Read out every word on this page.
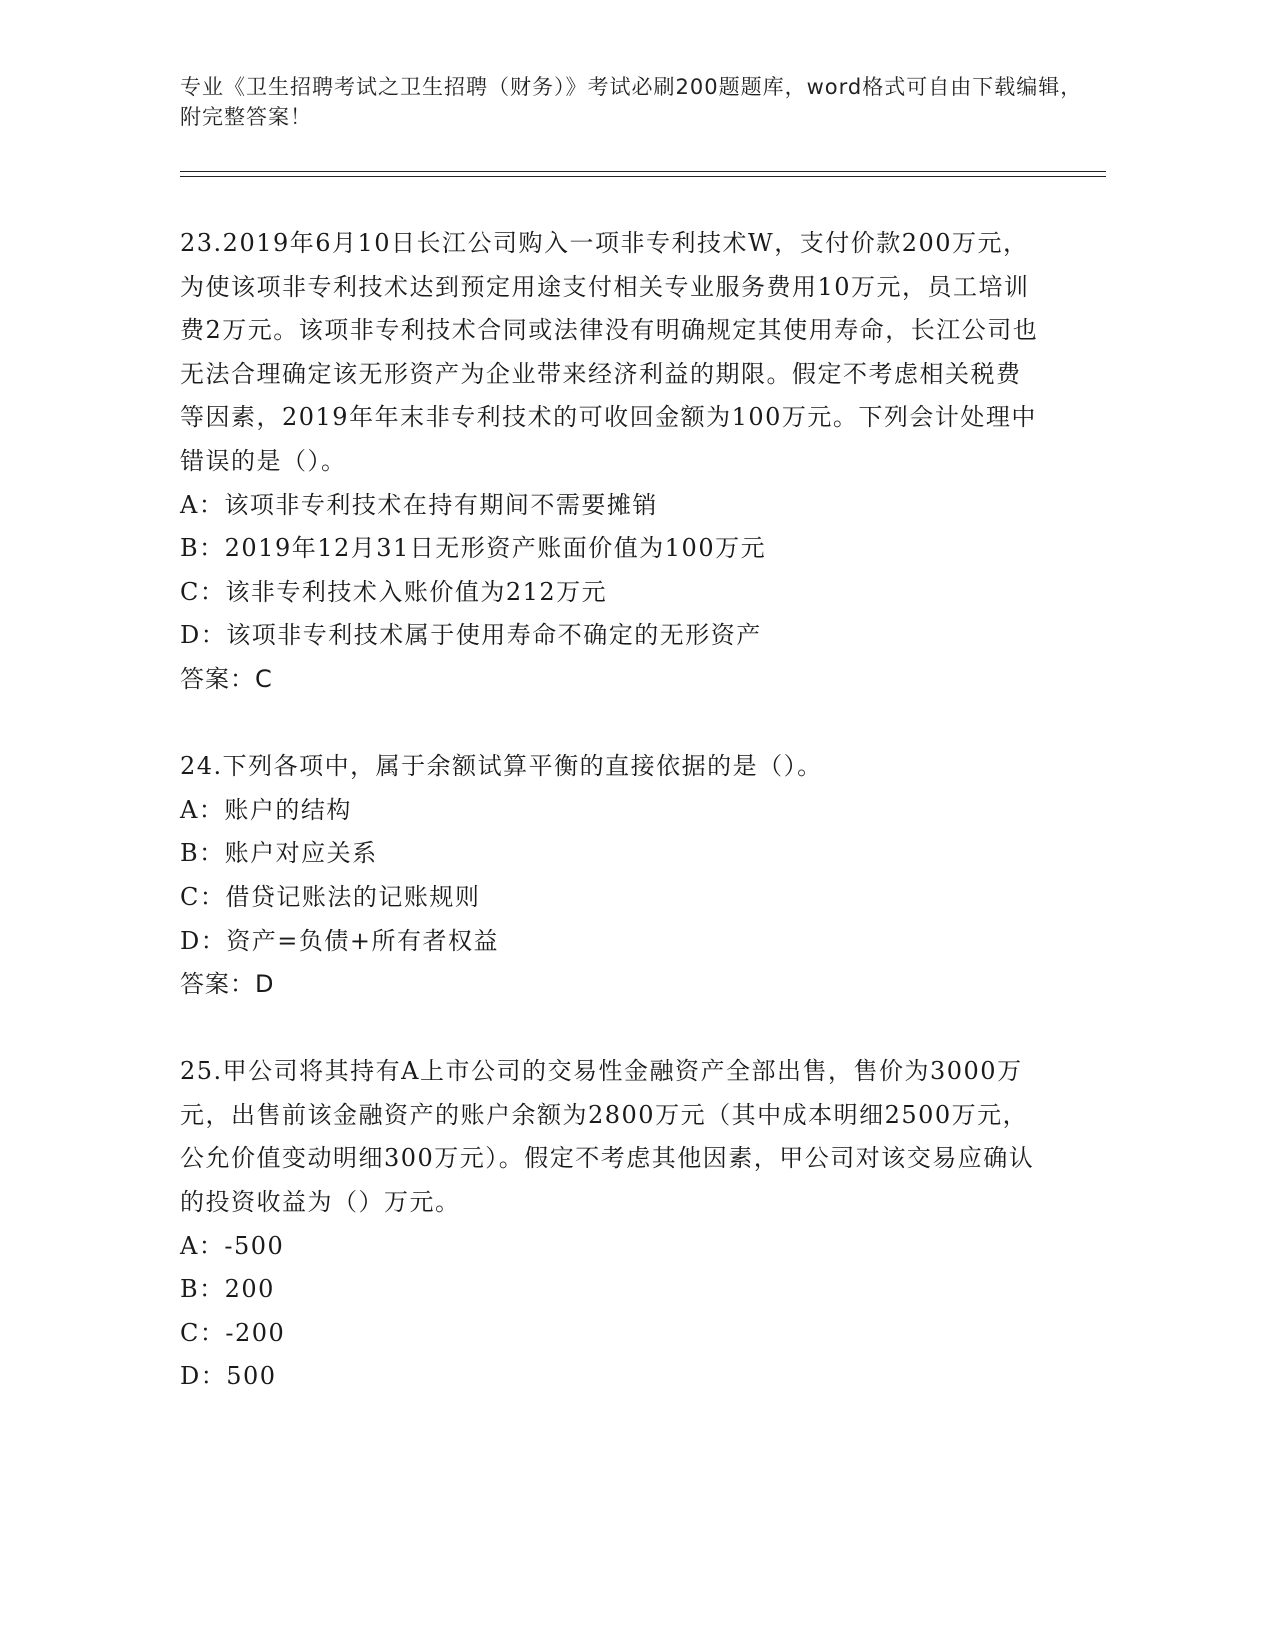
专业《卫生招聘考试之卫生招聘（财务）》考试必刷200题题库，word格式可自由下载编辑，附完整答案！

23.2019年6月10日长江公司购入一项非专利技术W，支付价款200万元，为使该项非专利技术达到预定用途支付相关专业服务费用10万元，员工培训费2万元。该项非专利技术合同或法律没有明确规定其使用寿命，长江公司也无法合理确定该无形资产为企业带来经济利益的期限。假定不考虑相关税费等因素，2019年年末非专利技术的可收回金额为100万元。下列会计处理中错误的是（）。

A：该项非专利技术在持有期间不需要摊销

B：2019年12月31日无形资产账面价值为100万元

C：该非专利技术入账价值为212万元

D：该项非专利技术属于使用寿命不确定的无形资产

答案：C

24.下列各项中，属于余额试算平衡的直接依据的是（）。

A：账户的结构

B：账户对应关系

C：借贷记账法的记账规则

D：资产=负债+所有者权益

答案：D

25.甲公司将其持有A上市公司的交易性金融资产全部出售，售价为3000万元，出售前该金融资产的账户余额为2800万元（其中成本明细2500万元，公允价值变动明细300万元）。假定不考虑其他因素，甲公司对该交易应确认的投资收益为（）万元。

A：-500

B：200

C：-200

D：500
